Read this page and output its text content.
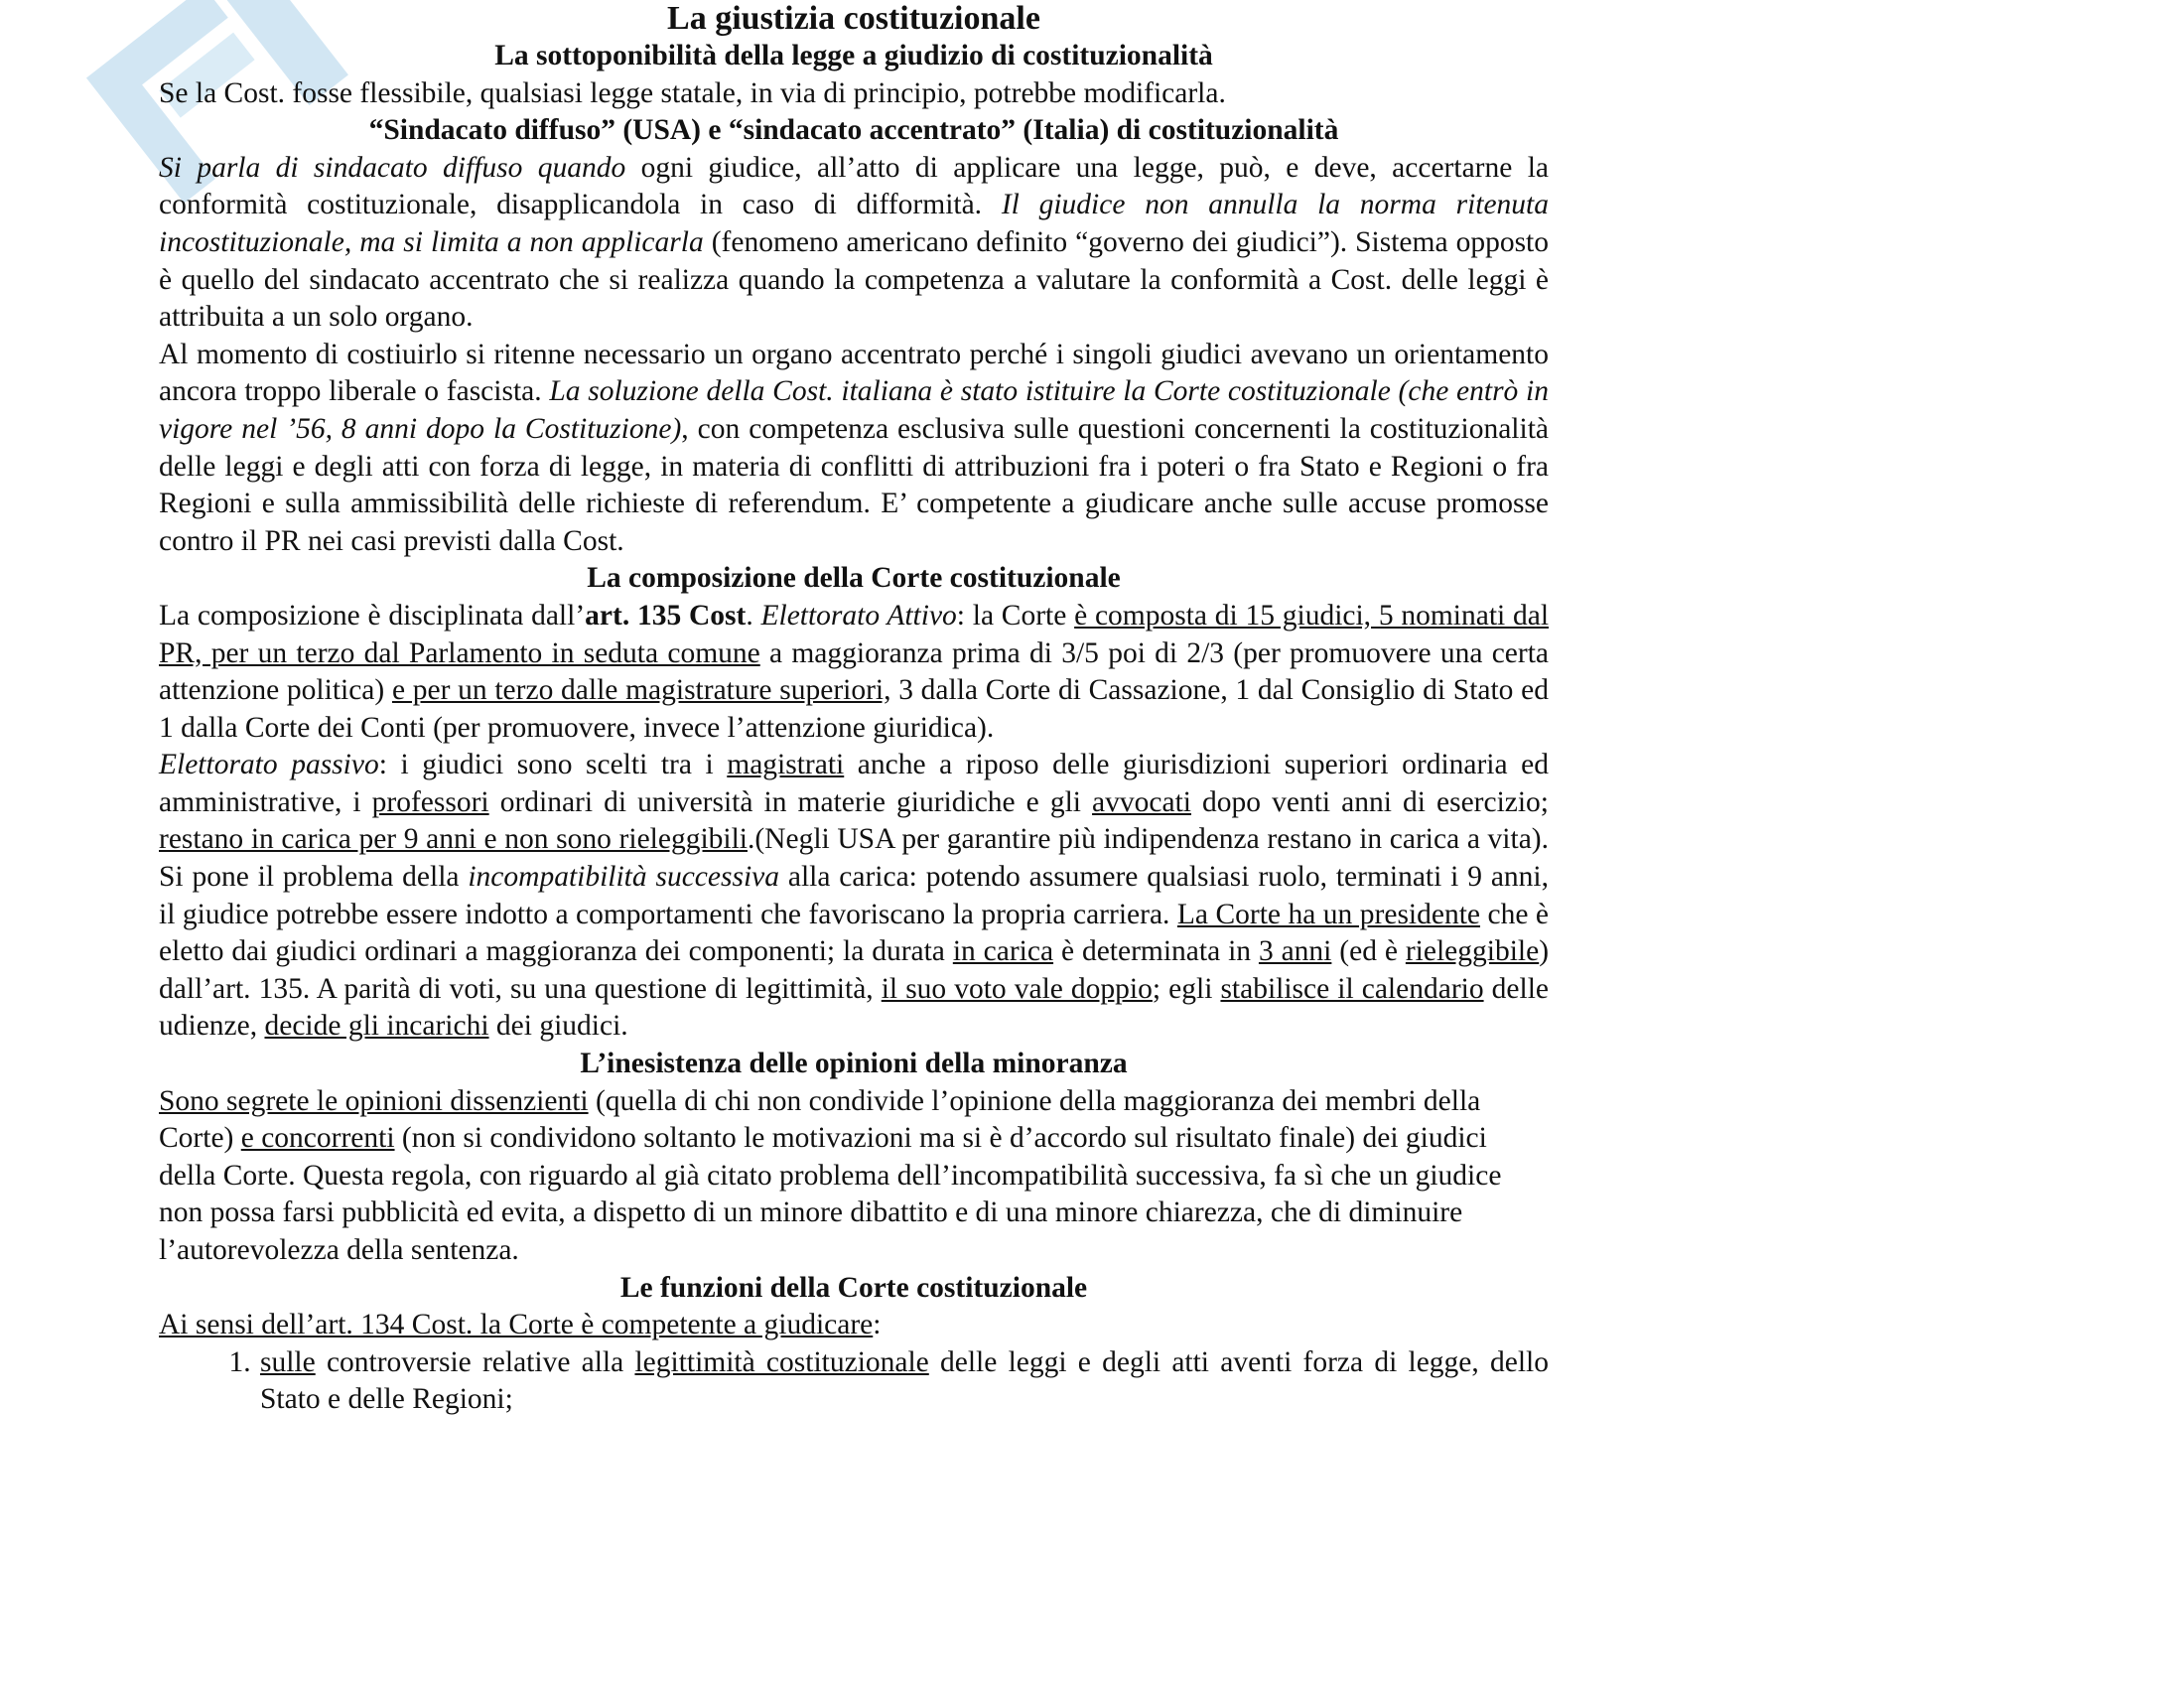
La giustizia costituzionale
La sottoponibilità della legge a giudizio di costituzionalità

Se la Cost. fosse flessibile, qualsiasi legge statale, in via di principio, potrebbe modificarla.

“Sindacato diffuso” (USA) e “sindacato accentrato” (Italia) di costituzionalità

Si parla di sindacato diffuso quando ogni giudice, all’atto di applicare una legge, può, e deve, accertarne la conformità costituzionale, disapplicandola in caso di difformità. Il giudice non annulla la norma ritenuta incostituzionale, ma si limita a non applicarla (fenomeno americano definito “governo dei giudici”). Sistema opposto è quello del sindacato accentrato che si realizza quando la competenza a valutare la conformità a Cost. delle leggi è attribuita a un solo organo.

Al momento di costiuirlo si ritenne necessario un organo accentrato perché i singoli giudici avevano un orientamento ancora troppo liberale o fascista. La soluzione della Cost. italiana è stato istituire la Corte costituzionale (che entrò in vigore nel ’56, 8 anni dopo la Costituzione), con competenza esclusiva sulle questioni concernenti la costituzionalità delle leggi e degli atti con forza di legge, in materia di conflitti di attribuzioni fra i poteri o fra Stato e Regioni o fra Regioni e sulla ammissibilità delle richieste di referendum. E’ competente a giudicare anche sulle accuse promosse contro il PR nei casi previsti dalla Cost.

La composizione della Corte costituzionale

La composizione è disciplinata dall’art. 135 Cost. Elettorato Attivo: la Corte è composta di 15 giudici, 5 nominati dal PR, per un terzo dal Parlamento in seduta comune a maggioranza prima di 3/5 poi di 2/3 (per promuovere una certa attenzione politica) e per un terzo dalle magistrature superiori, 3 dalla Corte di Cassazione, 1 dal Consiglio di Stato ed 1 dalla Corte dei Conti (per promuovere, invece l’attenzione giuridica).

Elettorato passivo: i giudici sono scelti tra i magistrati anche a riposo delle giurisdizioni superiori ordinaria ed amministrative, i professori ordinari di università in materie giuridiche e gli avvocati dopo venti anni di esercizio; restano in carica per 9 anni e non sono rieleggibili.(Negli USA per garantire più indipendenza restano in carica a vita). Si pone il problema della incompatibilità successiva alla carica: potendo assumere qualsiasi ruolo, terminati i 9 anni, il giudice potrebbe essere indotto a comportamenti che favoriscano la propria carriera. La Corte ha un presidente che è eletto dai giudici ordinari a maggioranza dei componenti; la durata in carica è determinata in 3 anni (ed è rieleggibile) dall’art. 135. A parità di voti, su una questione di legittimità, il suo voto vale doppio; egli stabilisce il calendario delle udienze, decide gli incarichi dei giudici.

L’inesistenza delle opinioni della minoranza

Sono segrete le opinioni dissenzienti (quella di chi non condivide l’opinione della maggioranza dei membri della Corte) e concorrenti (non si condividono soltanto le motivazioni ma si è d’accordo sul risultato finale) dei giudici della Corte. Questa regola, con riguardo al già citato problema dell’incompatibilità successiva, fa sì che un giudice non possa farsi pubblicità ed evita, a dispetto di un minore dibattito e di una minore chiarezza, che di diminuire l’autorevolezza della sentenza.

Le funzioni della Corte costituzionale

Ai sensi dell’art. 134 Cost. la Corte è competente a giudicare:

1. sulle controversie relative alla legittimità costituzionale delle leggi e degli atti aventi forza di legge, dello Stato e delle Regioni;
